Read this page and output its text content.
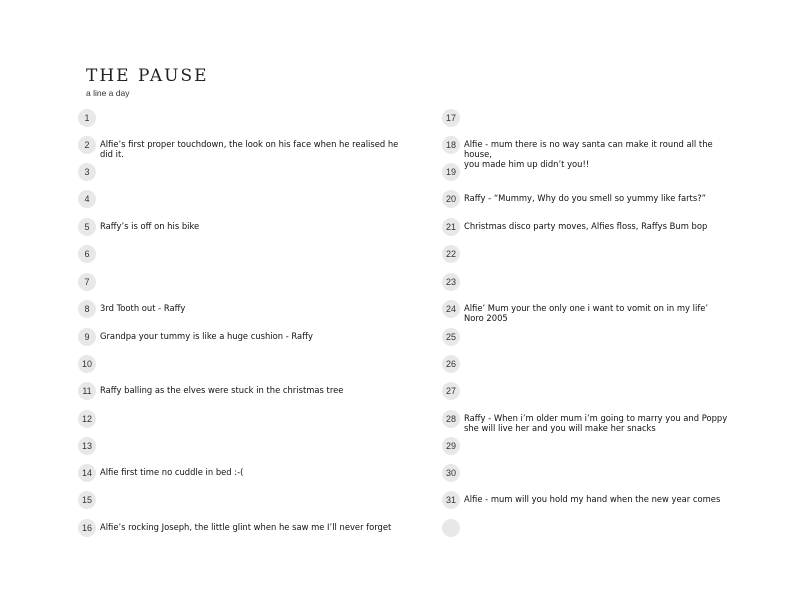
THE PAUSE
a line a day
1
2	Alfie’s first proper touchdown, the look on his face when he realised he did it.
3
4
5	Raffy’s is off on his bike
6
7
8	3rd Tooth out - Raffy
9	Grandpa your tummy is like a huge cushion - Raffy
10
11 Raffy balling as the elves were stuck in the christmas tree
12
13
14 Alfie first time no cuddle in bed :-(
15
16 Alfie’s rocking Joseph, the little glint when he saw me I’ll never forget
17
18 Alfie - mum there is no way santa can make it round all the house,
you made him up didn’t you!!
19
20 Raffy - “Mummy, Why do you smell so yummy like farts?”
21 Christmas disco party moves, Alfies floss, Raffys Bum bop
22
23
24 Alfie’ Mum your the only one i want to vomit on in my life’
Noro 2005
25
26
27
28 Raffy - When i’m older mum i’m going to marry you and Poppy
she will live her and you will make her snacks
29
30
31 Alfie - mum will you hold my hand when the new year comes
